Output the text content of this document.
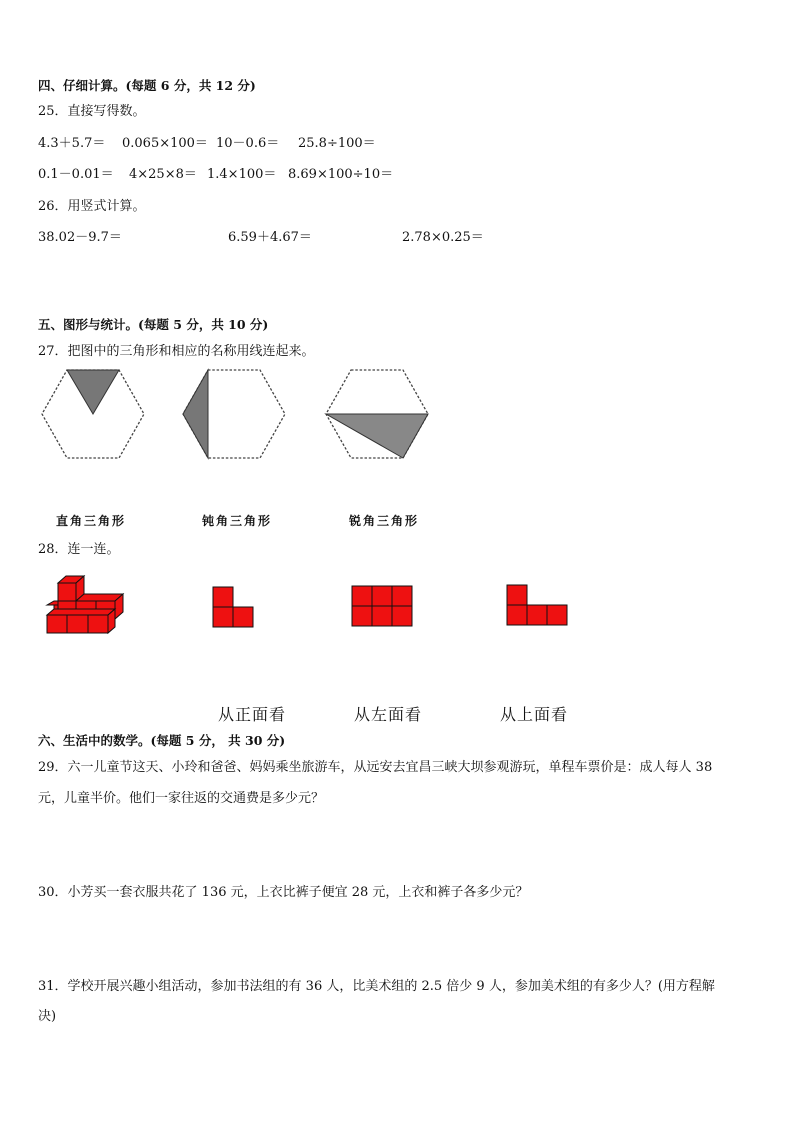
四、仔细计算。(每题 6 分，共 12 分)
25．直接写得数。
4.3＋5.7＝ 0.065×100＝ 10－0.6＝ 25.8÷100＝
0.1－0.01＝ 4×25×8＝ 1.4×100＝ 8.69×100÷10＝
26．用竖式计算。
38.02－9.7＝	6.59＋4.67＝	2.78×0.25＝
五、图形与统计。(每题 5 分，共 10 分)
27．把图中的三角形和相应的名称用线连起来。
直角三角形	钝角三角形	锐角三角形
28．连一连。
从正面看	从左面看	从上面看
六、生活中的数学。(每题 5 分， 共 30 分)
29．六一儿童节这天、小玲和爸爸、妈妈乘坐旅游车，从远安去宜昌三峡大坝参观游玩，单程车票价是：成人每人 38
元，儿童半价。他们一家往返的交通费是多少元？
30．小芳买一套衣服共花了 136 元，上衣比裤子便宜 28 元，上衣和裤子各多少元？
31．学校开展兴趣小组活动，参加书法组的有 36 人，比美术组的 2.5 倍少 9 人，参加美术组的有多少人？(用方程解
决)
